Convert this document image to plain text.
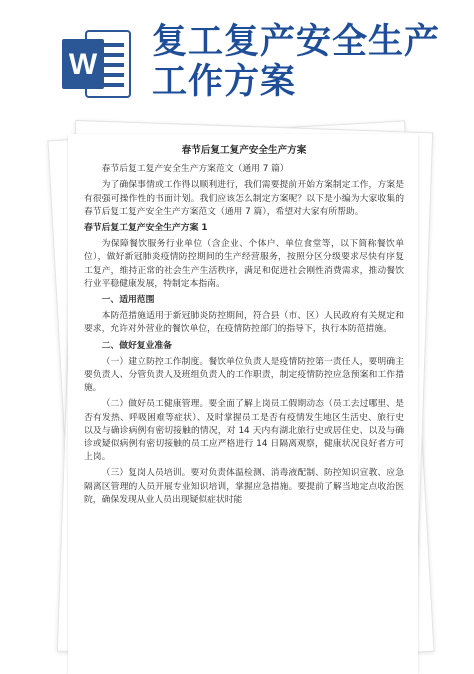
W
复工复产安全生产
工作方案
春节后复工复产安全生产方案
春节后复工复产安全生产方案范文（通用 7 篇）
为了确保事情或工作得以顺利进行，我们需要提前开始方案制定工作，方案是有很强可操作性的书面计划。我们应该怎么制定方案呢？以下是小编为大家收集的春节后复工复产安全生产方案范文（通用 7 篇），希望对大家有所帮助。
春节后复工复产安全生产方案 1
为保障餐饮服务行业单位（含企业、个体户、单位食堂等，以下简称餐饮单位），做好新冠肺炎疫情防控期间的生产经营服务，按照分区分级要求尽快有序复工复产，维持正常的社会生产生活秩序，满足和促进社会刚性消费需求，推动餐饮行业平稳健康发展，特制定本指南。
一、适用范围
本防范措施适用于新冠肺炎防控期间，符合县（市、区）人民政府有关规定和要求，允许对外营业的餐饮单位，在疫情防控部门的指导下，执行本防范措施。
二、做好复业准备
（一）建立防控工作制度。餐饮单位负责人是疫情防控第一责任人，要明确主要负责人、分管负责人及班组负责人的工作职责，制定疫情防控应急预案和工作措施。
（二）做好员工健康管理。要全面了解上岗员工假期动态（员工去过哪里、是否有发热、呼吸困难等症状）、及时掌握员工是否有疫情发生地区生活史、旅行史以及与确诊病例有密切接触的情况，对 14 天内有湖北旅行史或居住史、以及与确诊或疑似病例有密切接触的员工应严格进行 14 日隔离观察，健康状况良好者方可上岗。
（三）复岗人员培训。要对负责体温检测、消毒液配制、防控知识宣教、应急隔离区管理的人员开展专业知识培训，掌握应急措施。要提前了解当地定点收治医院，确保发现从业人员出现疑似症状时能
